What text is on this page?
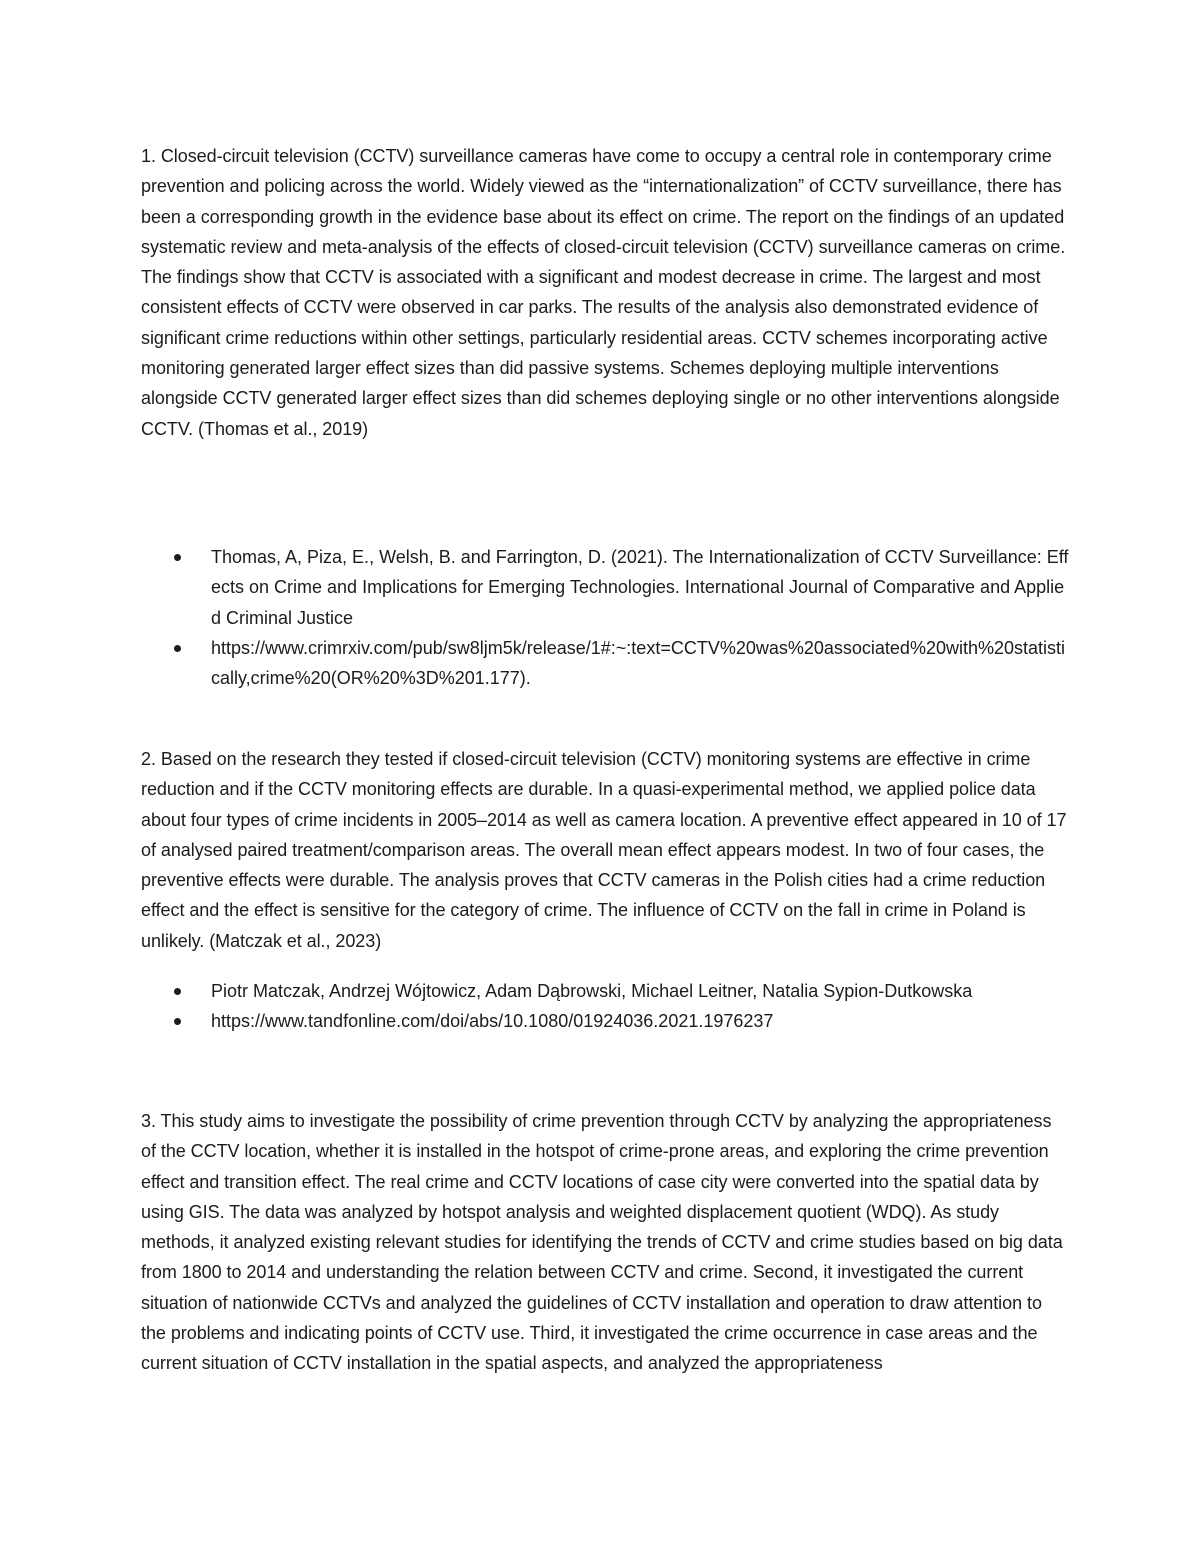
1. Closed-circuit television (CCTV) surveillance cameras have come to occupy a central role in contemporary crime prevention and policing across the world. Widely viewed as the “internationalization” of CCTV surveillance, there has been a corresponding growth in the evidence base about its effect on crime. The report on the findings of an updated systematic review and meta-analysis of the effects of closed-circuit television (CCTV) surveillance cameras on crime. The findings show that CCTV is associated with a significant and modest decrease in crime. The largest and most consistent effects of CCTV were observed in car parks. The results of the analysis also demonstrated evidence of significant crime reductions within other settings, particularly residential areas. CCTV schemes incorporating active monitoring generated larger effect sizes than did passive systems. Schemes deploying multiple interventions alongside CCTV generated larger effect sizes than did schemes deploying single or no other interventions alongside CCTV. (Thomas et al., 2019)

Thomas, A, Piza, E., Welsh, B. and Farrington, D. (2021). The Internationalization of CCTV Surveillance: Effects on Crime and Implications for Emerging Technologies. International Journal of Comparative and Applied Criminal Justice
https://www.crimrxiv.com/pub/sw8ljm5k/release/1#:~:text=CCTV%20was%20associated%20with%20statistically,crime%20(OR%20%3D%201.177).

2. Based on the research they tested if closed-circuit television (CCTV) monitoring systems are effective in crime reduction and if the CCTV monitoring effects are durable. In a quasi-experimental method, we applied police data about four types of crime incidents in 2005–2014 as well as camera location. A preventive effect appeared in 10 of 17 of analysed paired treatment/comparison areas. The overall mean effect appears modest. In two of four cases, the preventive effects were durable. The analysis proves that CCTV cameras in the Polish cities had a crime reduction effect and the effect is sensitive for the category of crime. The influence of CCTV on the fall in crime in Poland is unlikely. (Matczak et al., 2023)

Piotr Matczak, Andrzej Wójtowicz, Adam Dąbrowski, Michael Leitner, Natalia Sypion-Dutkowska
https://www.tandfonline.com/doi/abs/10.1080/01924036.2021.1976237

3. This study aims to investigate the possibility of crime prevention through CCTV by analyzing the appropriateness of the CCTV location, whether it is installed in the hotspot of crime-prone areas, and exploring the crime prevention effect and transition effect. The real crime and CCTV locations of case city were converted into the spatial data by using GIS. The data was analyzed by hotspot analysis and weighted displacement quotient (WDQ). As study methods, it analyzed existing relevant studies for identifying the trends of CCTV and crime studies based on big data from 1800 to 2014 and understanding the relation between CCTV and crime. Second, it investigated the current situation of nationwide CCTVs and analyzed the guidelines of CCTV installation and operation to draw attention to the problems and indicating points of CCTV use. Third, it investigated the crime occurrence in case areas and the current situation of CCTV installation in the spatial aspects, and analyzed the appropriateness
